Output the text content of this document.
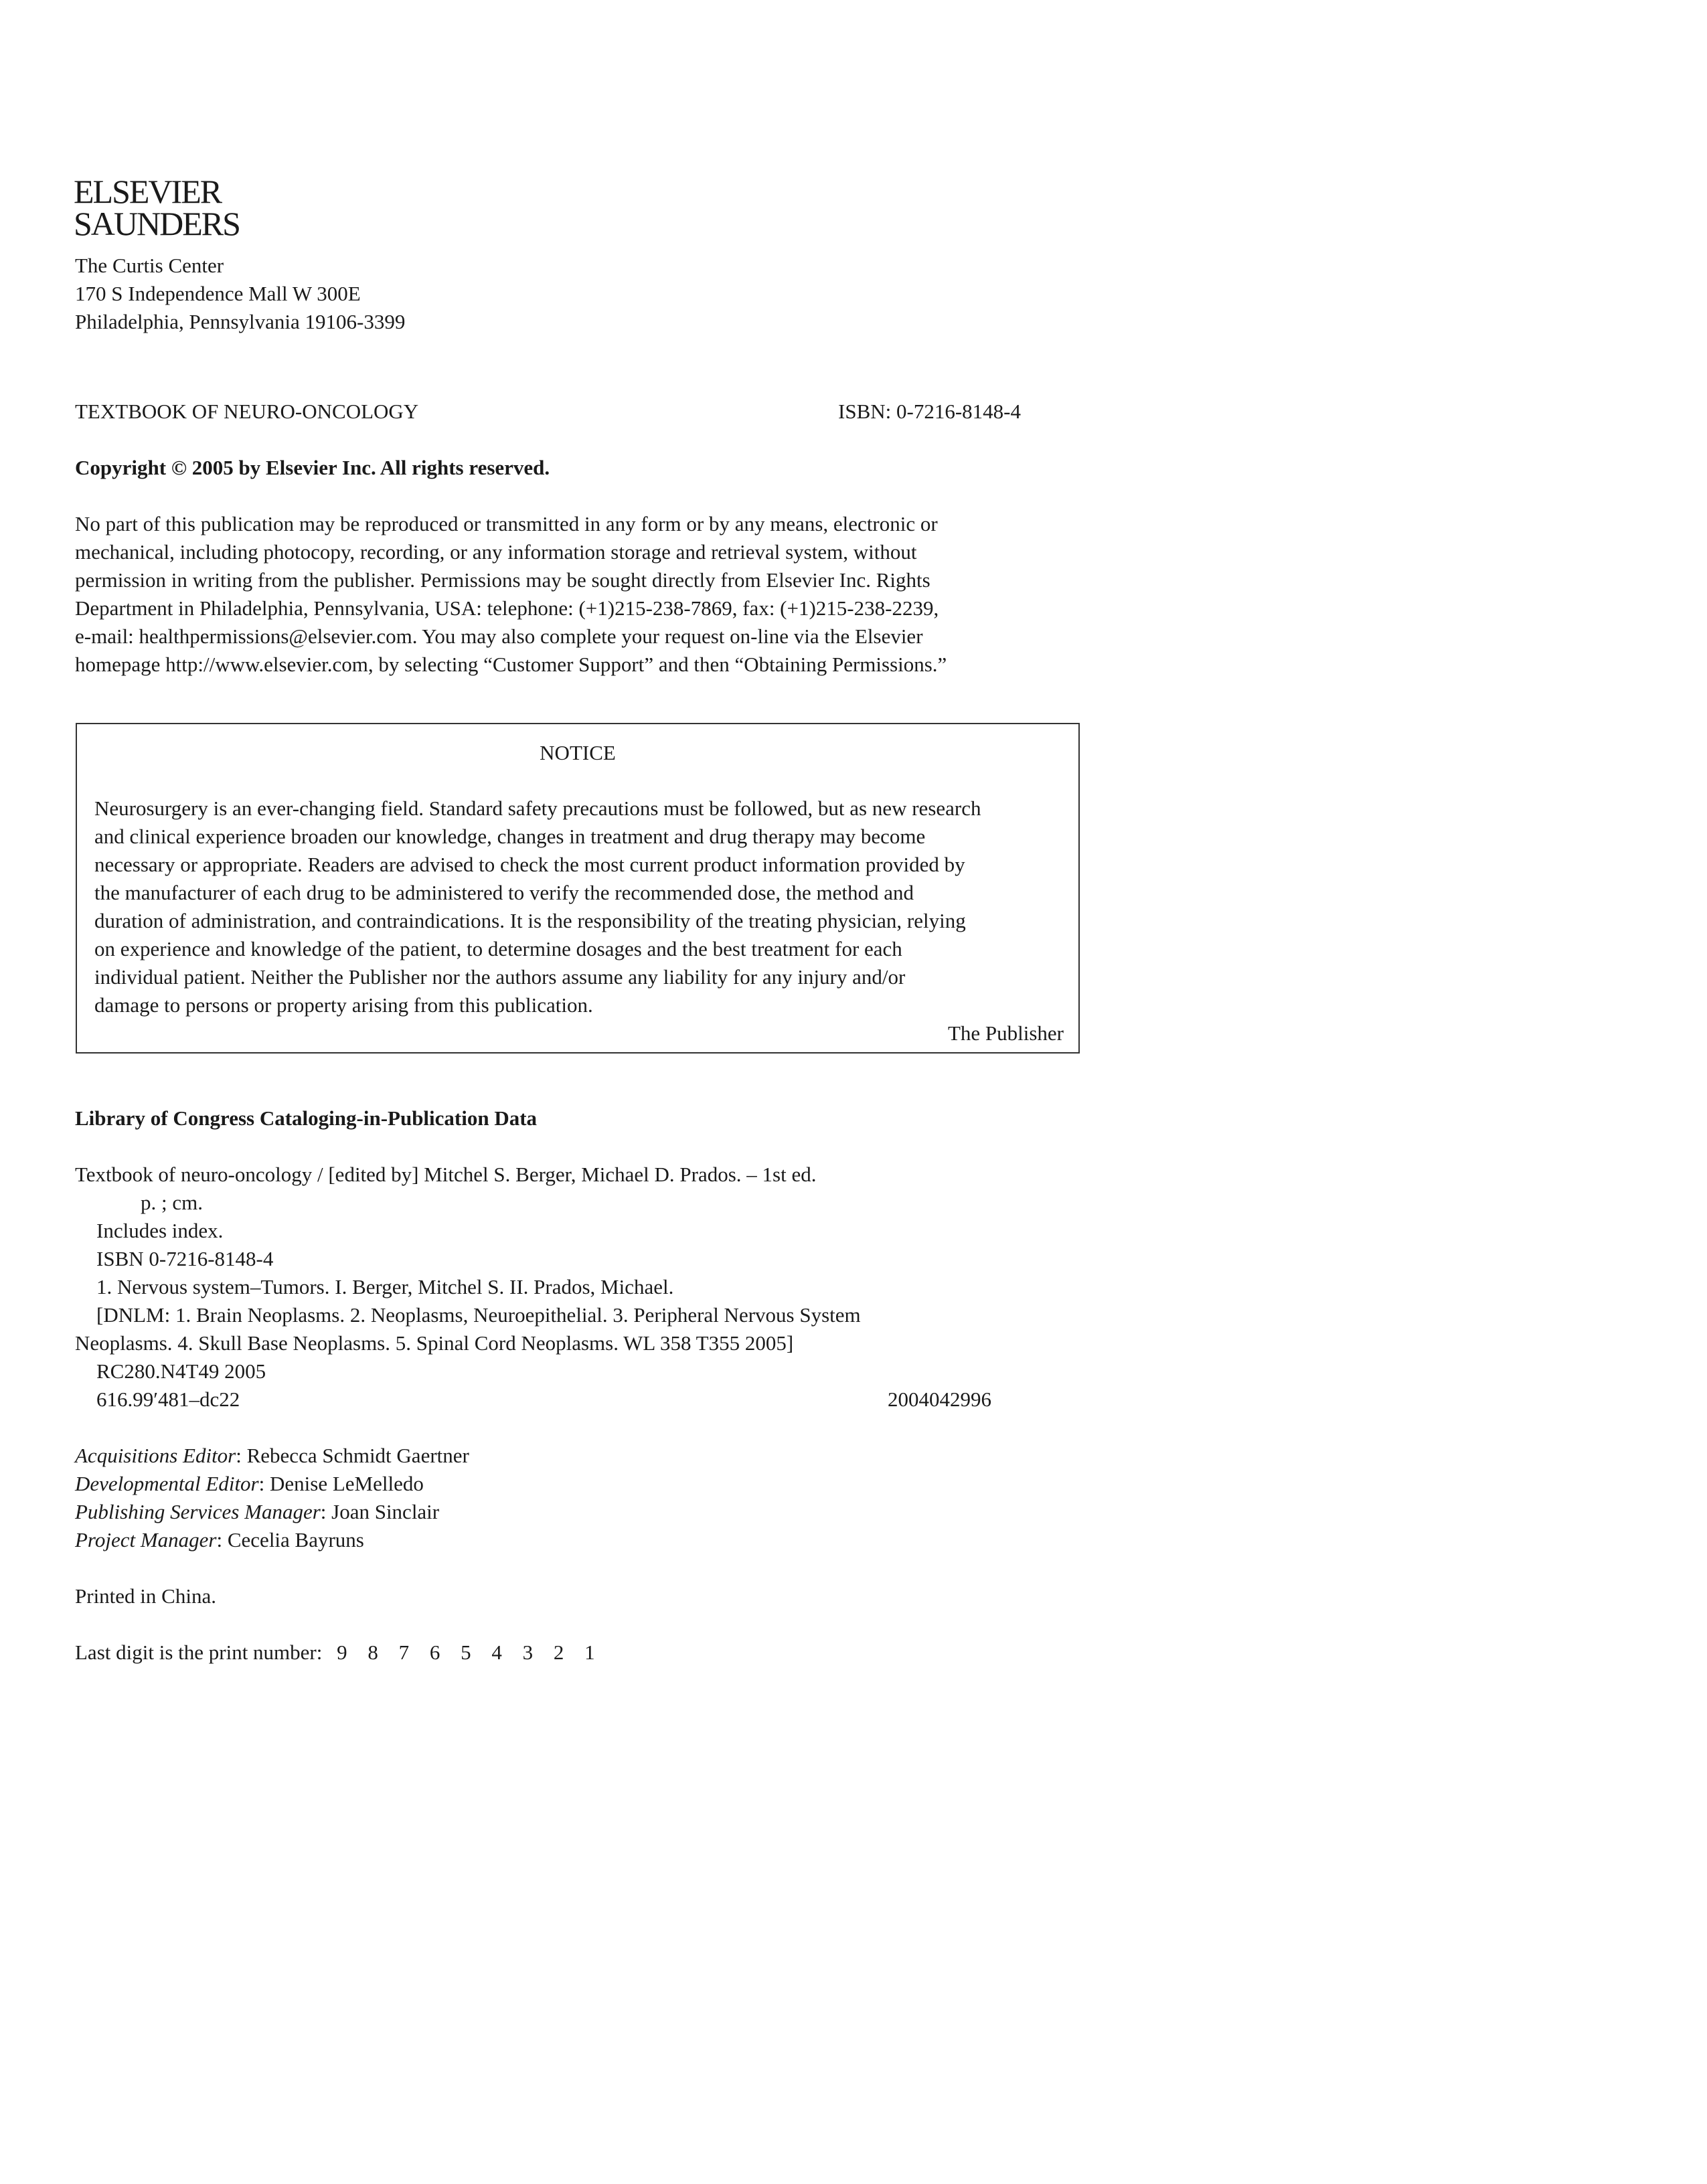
ELSEVIER
SAUNDERS
The Curtis Center
170 S Independence Mall W 300E
Philadelphia, Pennsylvania 19106-3399
TEXTBOOK OF NEURO-ONCOLOGY	ISBN: 0-7216-8148-4
Copyright © 2005 by Elsevier Inc. All rights reserved.
No part of this publication may be reproduced or transmitted in any form or by any means, electronic or
mechanical, including photocopy, recording, or any information storage and retrieval system, without
permission in writing from the publisher. Permissions may be sought directly from Elsevier Inc. Rights
Department in Philadelphia, Pennsylvania, USA: telephone: (+1)215-238-7869, fax: (+1)215-238-2239,
e-mail: healthpermissions@elsevier.com. You may also complete your request on-line via the Elsevier
homepage http://www.elsevier.com, by selecting “Customer Support” and then “Obtaining Permissions.”
NOTICE
Neurosurgery is an ever-changing field. Standard safety precautions must be followed, but as new research
and clinical experience broaden our knowledge, changes in treatment and drug therapy may become
necessary or appropriate. Readers are advised to check the most current product information provided by
the manufacturer of each drug to be administered to verify the recommended dose, the method and
duration of administration, and contraindications. It is the responsibility of the treating physician, relying
on experience and knowledge of the patient, to determine dosages and the best treatment for each
individual patient. Neither the Publisher nor the authors assume any liability for any injury and/or
damage to persons or property arising from this publication.
The Publisher
Library of Congress Cataloging-in-Publication Data
Textbook of neuro-oncology / [edited by] Mitchel S. Berger, Michael D. Prados. – 1st ed.
p. ; cm.
Includes index.
ISBN 0-7216-8148-4
1. Nervous system–Tumors. I. Berger, Mitchel S. II. Prados, Michael.
[DNLM: 1. Brain Neoplasms. 2. Neoplasms, Neuroepithelial. 3. Peripheral Nervous System
Neoplasms. 4. Skull Base Neoplasms. 5. Spinal Cord Neoplasms. WL 358 T355 2005]
RC280.N4T49 2005
616.99′481–dc22	2004042996
Acquisitions Editor: Rebecca Schmidt Gaertner
Developmental Editor: Denise LeMelledo
Publishing Services Manager: Joan Sinclair
Project Manager: Cecelia Bayruns
Printed in China.
Last digit is the print number: 9 8 7 6 5 4 3 2 1
